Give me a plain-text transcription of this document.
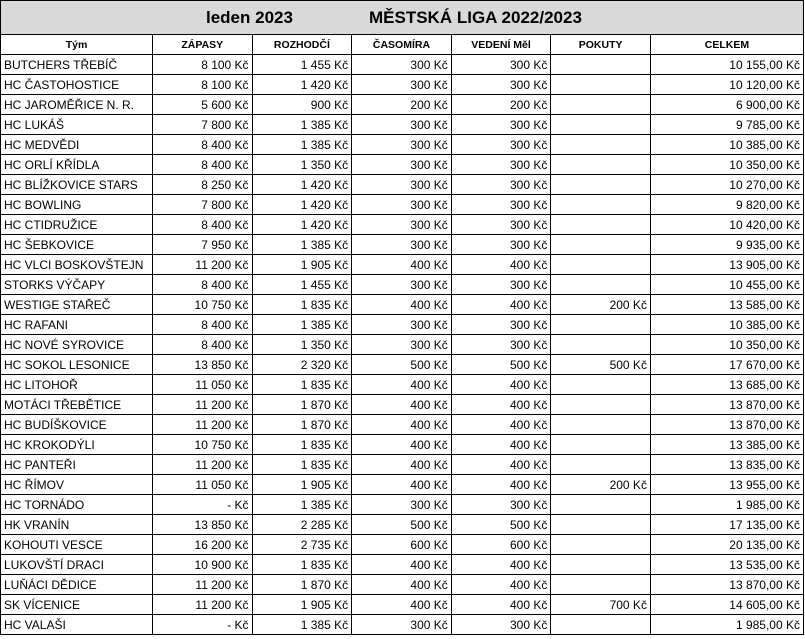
leden 2023 MĚSTSKÁ LIGA 2022/2023						

Tým	ZÁPASY	ROZHODČÍ	ČASOMÍRA	VEDENÍ Měl	POKUTY	CELKEM
BUTCHERS TŘEBÍČ	8 100 Kč	1 455 Kč	300 Kč	300 Kč		10 155,00 Kč
HC ČASTOHOSTICE	8 100 Kč	1 420 Kč	300 Kč	300 Kč		10 120,00 Kč
HC JAROMĚŘICE N. R.	5 600 Kč	900 Kč	200 Kč	200 Kč		6 900,00 Kč
HC LUKÁŠ	7 800 Kč	1 385 Kč	300 Kč	300 Kč		9 785,00 Kč
HC MEDVĚDI	8 400 Kč	1 385 Kč	300 Kč	300 Kč		10 385,00 Kč
HC ORLÍ KŘÍDLA	8 400 Kč	1 350 Kč	300 Kč	300 Kč		10 350,00 Kč
HC BLÍŽKOVICE STARS	8 250 Kč	1 420 Kč	300 Kč	300 Kč		10 270,00 Kč
HC BOWLING	7 800 Kč	1 420 Kč	300 Kč	300 Kč		9 820,00 Kč
HC CTIDRUŽICE	8 400 Kč	1 420 Kč	300 Kč	300 Kč		10 420,00 Kč
HC ŠEBKOVICE	7 950 Kč	1 385 Kč	300 Kč	300 Kč		9 935,00 Kč
HC VLCI BOSKOVŠTEJN	11 200 Kč	1 905 Kč	400 Kč	400 Kč		13 905,00 Kč
STORKS VÝČAPY	8 400 Kč	1 455 Kč	300 Kč	300 Kč		10 455,00 Kč
WESTIGE STAŘEČ	10 750 Kč	1 835 Kč	400 Kč	400 Kč	200 Kč	13 585,00 Kč
HC RAFANI	8 400 Kč	1 385 Kč	300 Kč	300 Kč		10 385,00 Kč
HC NOVÉ SYROVICE	8 400 Kč	1 350 Kč	300 Kč	300 Kč		10 350,00 Kč
HC SOKOL LESONICE	13 850 Kč	2 320 Kč	500 Kč	500 Kč	500 Kč	17 670,00 Kč
HC LITOHOŘ	11 050 Kč	1 835 Kč	400 Kč	400 Kč		13 685,00 Kč
MOTÁCI TŘEBĚTICE	11 200 Kč	1 870 Kč	400 Kč	400 Kč		13 870,00 Kč
HC BUDÍŠKOVICE	11 200 Kč	1 870 Kč	400 Kč	400 Kč		13 870,00 Kč
HC KROKODÝLI	10 750 Kč	1 835 Kč	400 Kč	400 Kč		13 385,00 Kč
HC PANTEŘI	11 200 Kč	1 835 Kč	400 Kč	400 Kč		13 835,00 Kč
HC ŘÍMOV	11 050 Kč	1 905 Kč	400 Kč	400 Kč	200 Kč	13 955,00 Kč
HC TORNÁDO	- Kč	1 385 Kč	300 Kč	300 Kč		1 985,00 Kč
HK VRANÍN	13 850 Kč	2 285 Kč	500 Kč	500 Kč		17 135,00 Kč
KOHOUTI VESCE	16 200 Kč	2 735 Kč	600 Kč	600 Kč		20 135,00 Kč
LUKOVŠTÍ DRACI	10 900 Kč	1 835 Kč	400 Kč	400 Kč		13 535,00 Kč
LUŇÁCI DĚDICE	11 200 Kč	1 870 Kč	400 Kč	400 Kč		13 870,00 Kč
SK VÍCENICE	11 200 Kč	1 905 Kč	400 Kč	400 Kč	700 Kč	14 605,00 Kč
HC VALAŠI	- Kč	1 385 Kč	300 Kč	300 Kč		1 985,00 Kč
